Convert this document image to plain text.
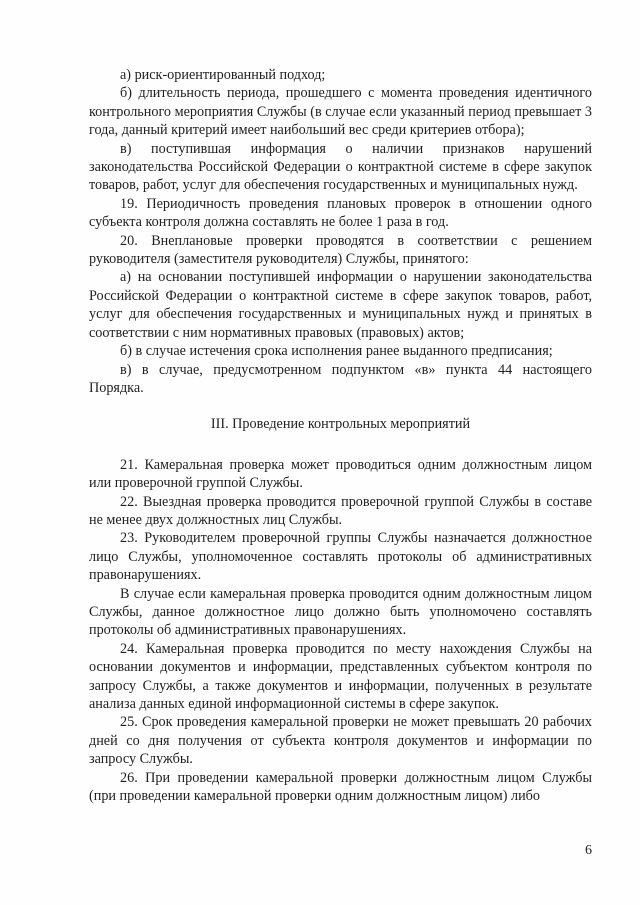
а) риск-ориентированный подход;

б) длительность периода, прошедшего с момента проведения идентичного контрольного мероприятия Службы (в случае если указанный период превышает 3 года, данный критерий имеет наибольший вес среди критериев отбора);

в) поступившая информация о наличии признаков нарушений законодательства Российской Федерации о контрактной системе в сфере закупок товаров, работ, услуг для обеспечения государственных и муниципальных нужд.

19. Периодичность проведения плановых проверок в отношении одного субъекта контроля должна составлять не более 1 раза в год.

20. Внеплановые проверки проводятся в соответствии с решением руководителя (заместителя руководителя) Службы, принятого:

а) на основании поступившей информации о нарушении законодательства Российской Федерации о контрактной системе в сфере закупок товаров, работ, услуг для обеспечения государственных и муниципальных нужд и принятых в соответствии с ним нормативных правовых (правовых) актов;

б) в случае истечения срока исполнения ранее выданного предписания;

в) в случае, предусмотренном подпунктом «в» пункта 44 настоящего Порядка.

III. Проведение контрольных мероприятий

21. Камеральная проверка может проводиться одним должностным лицом или проверочной группой Службы.

22. Выездная проверка проводится проверочной группой Службы в составе не менее двух должностных лиц Службы.

23. Руководителем проверочной группы Службы назначается должностное лицо Службы, уполномоченное составлять протоколы об административных правонарушениях.

В случае если камеральная проверка проводится одним должностным лицом Службы, данное должностное лицо должно быть уполномочено составлять протоколы об административных правонарушениях.

24. Камеральная проверка проводится по месту нахождения Службы на основании документов и информации, представленных субъектом контроля по запросу Службы, а также документов и информации, полученных в результате анализа данных единой информационной системы в сфере закупок.

25. Срок проведения камеральной проверки не может превышать 20 рабочих дней со дня получения от субъекта контроля документов и информации по запросу Службы.

26. При проведении камеральной проверки должностным лицом Службы (при проведении камеральной проверки одним должностным лицом) либо

6
